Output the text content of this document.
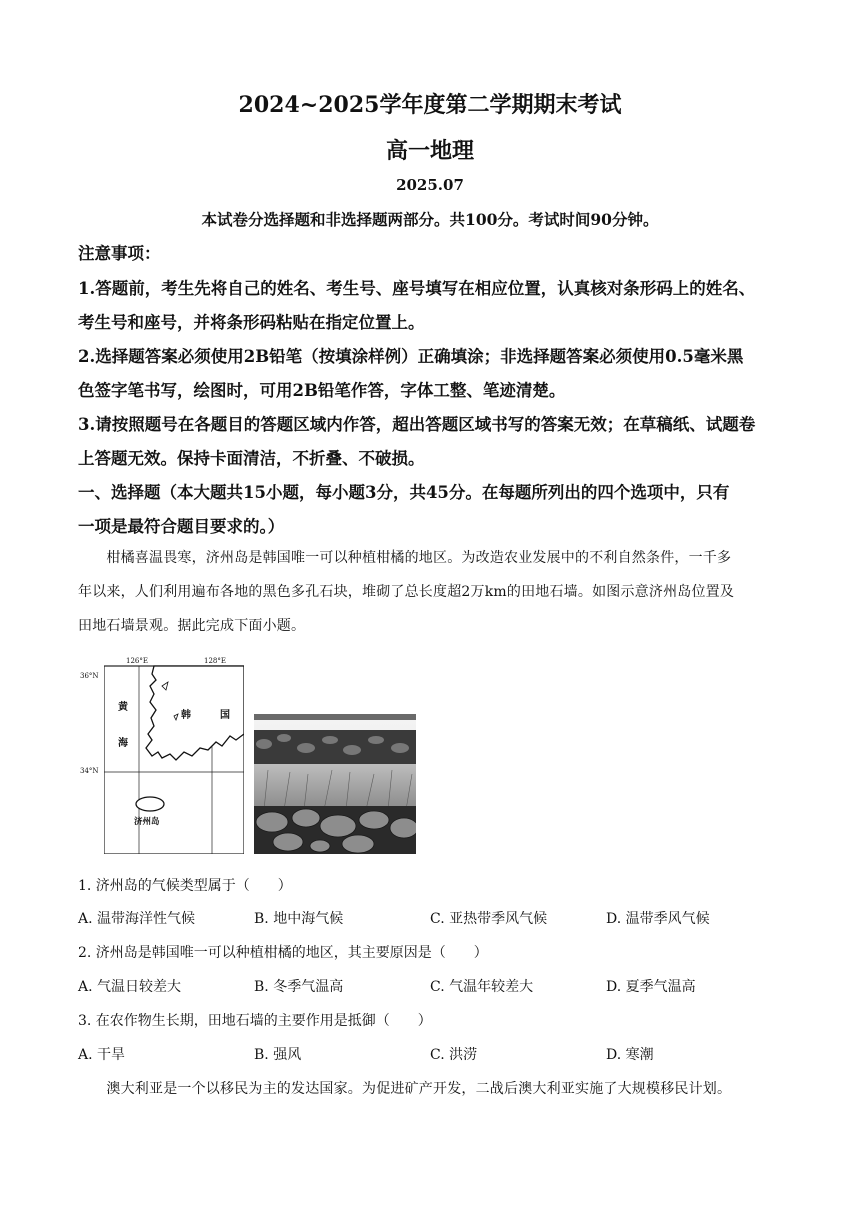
2024~2025学年度第二学期期末考试
高一地理
2025.07
本试卷分选择题和非选择题两部分。共100分。考试时间90分钟。
注意事项：
1.答题前，考生先将自己的姓名、考生号、座号填写在相应位置，认真核对条形码上的姓名、
考生号和座号，并将条形码粘贴在指定位置上。
2.选择题答案必须使用2B铅笔（按填涂样例）正确填涂；非选择题答案必须使用0.5毫米黑
色签字笔书写，绘图时，可用2B铅笔作答，字体工整、笔迹清楚。
3.请按照题号在各题目的答题区域内作答，超出答题区域书写的答案无效；在草稿纸、试题卷
上答题无效。保持卡面清洁，不折叠、不破损。
一、选择题（本大题共15小题，每小题3分，共45分。在每题所列出的四个选项中，只有
一项是最符合题目要求的。）
　　柑橘喜温畏寒，济州岛是韩国唯一可以种植柑橘的地区。为改造农业发展中的不利自然条件，一千多
年以来，人们利用遍布各地的黑色多孔石块，堆砌了总长度超2万km的田地石墙。如图示意济州岛位置及
田地石墙景观。据此完成下面小题。
126°E	128°E
黄
海
韩	国
济州岛
36°N
34°N
1. 济州岛的气候类型属于（　　）
A. 温带海洋性气候	B. 地中海气候	C. 亚热带季风气候	D. 温带季风气候
2. 济州岛是韩国唯一可以种植柑橘的地区，其主要原因是（　　）
A. 气温日较差大	B. 冬季气温高	C. 气温年较差大	D. 夏季气温高
3. 在农作物生长期，田地石墙的主要作用是抵御（　　）
A. 干旱	B. 强风	C. 洪涝	D. 寒潮
　　澳大利亚是一个以移民为主的发达国家。为促进矿产开发，二战后澳大利亚实施了大规模移民计划。
